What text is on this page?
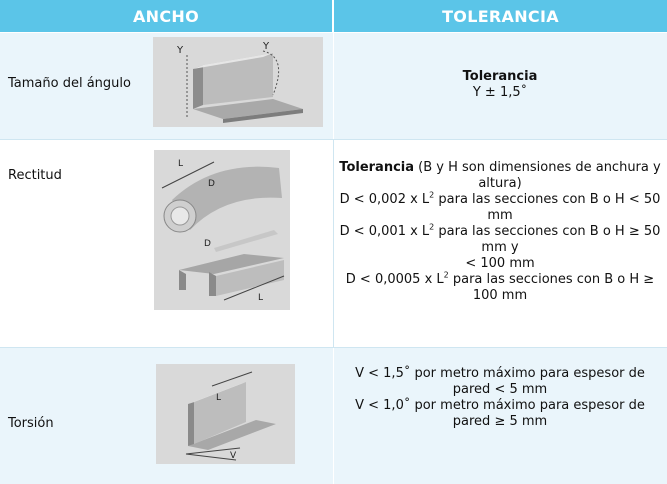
ANCHO	TOLERANCIA
Tamaño del ángulo
Y	Y
Tolerancia
Y ± 1,5˚
Rectitud
L
D
D
L
Tolerancia (B y H son dimensiones de anchura y altura)
D < 0,002 x $L^2$ para las secciones con B o H < 50 mm
D < 0,001 x $L^2$ para las secciones con B o H ≥ 50 mm y
< 100 mm
D < 0,0005 x $L^2$ para las secciones con B o H ≥ 100 mm
Torsión
L
V
V < 1,5˚ por metro máximo para espesor de pared < 5 mm
V < 1,0˚ por metro máximo para espesor de pared ≥ 5 mm
